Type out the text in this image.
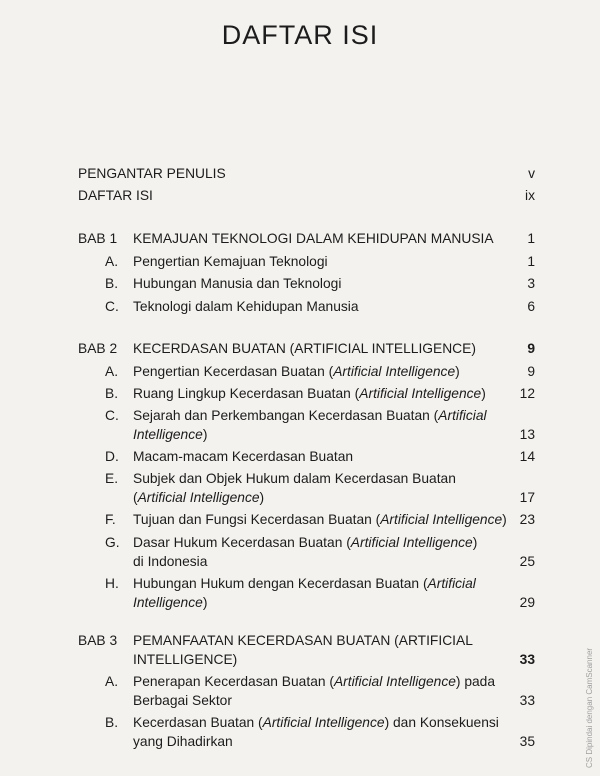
DAFTAR ISI
PENGANTAR PENULIS	v
DAFTAR ISI	ix
BAB 1 KEMAJUAN TEKNOLOGI DALAM KEHIDUPAN MANUSIA	1
A. Pengertian Kemajuan Teknologi	1
B. Hubungan Manusia dan Teknologi	3
C. Teknologi dalam Kehidupan Manusia	6
BAB 2 KECERDASAN BUATAN (ARTIFICIAL INTELLIGENCE)	9
A. Pengertian Kecerdasan Buatan (Artificial Intelligence)	9
B. Ruang Lingkup Kecerdasan Buatan (Artificial Intelligence)	12
C. Sejarah dan Perkembangan Kecerdasan Buatan (Artificial
Intelligence)	13
D. Macam-macam Kecerdasan Buatan	14
E. Subjek dan Objek Hukum dalam Kecerdasan Buatan
(Artificial Intelligence)	17
F. Tujuan dan Fungsi Kecerdasan Buatan (Artificial Intelligence) 23
G. Dasar Hukum Kecerdasan Buatan (Artificial Intelligence)
di Indonesia	25
H. Hubungan Hukum dengan Kecerdasan Buatan (Artificial
Intelligence)	29
BAB 3 PEMANFAATAN KECERDASAN BUATAN (ARTIFICIAL
INTELLIGENCE)	33
A. Penerapan Kecerdasan Buatan (Artificial Intelligence) pada
Berbagai Sektor	33
B. Kecerdasan Buatan (Artificial Intelligence) dan Konsekuensi
yang Dihadirkan	35	CS Dipindai dengan CamScanner
